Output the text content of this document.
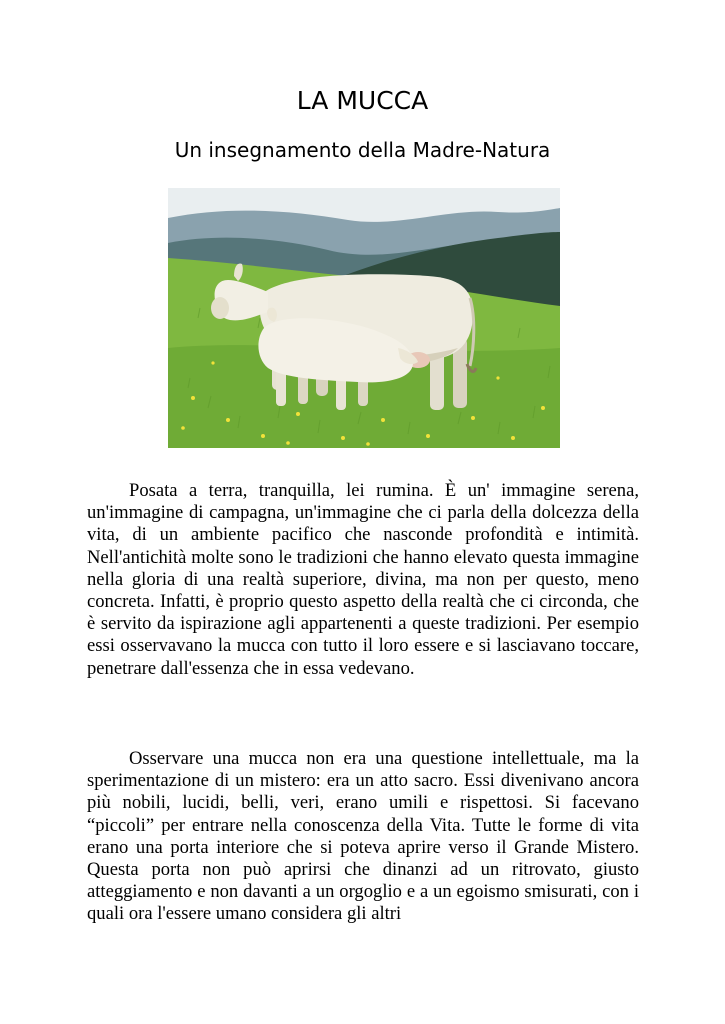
LA MUCCA
Un insegnamento della Madre-Natura

Posata a terra, tranquilla, lei rumina. È un' immagine serena, un'immagine di campagna, un'immagine che ci parla della dolcezza della vita, di un ambiente pacifico che nasconde profondità e intimità. Nell'antichità molte sono le tradizioni che hanno elevato questa immagine nella gloria di una realtà superiore, divina, ma non per questo, meno concreta. Infatti, è proprio questo aspetto della realtà che ci circonda, che è servito da ispirazione agli appartenenti a queste tradizioni. Per esempio essi osservavano la mucca con tutto il loro essere e si lasciavano toccare, penetrare dall'essenza che in essa vedevano.

Osservare una mucca non era una questione intellettuale, ma la sperimentazione di un mistero: era un atto sacro. Essi divenivano ancora più nobili, lucidi, belli, veri, erano umili e rispettosi. Si facevano “piccoli” per entrare nella conoscenza della Vita. Tutte le forme di vita erano una porta interiore che si poteva aprire verso il Grande Mistero. Questa porta non può aprirsi che dinanzi ad un ritrovato, giusto atteggiamento e non davanti a un orgoglio e a un egoismo smisurati, con i quali ora l'essere umano considera gli altri
